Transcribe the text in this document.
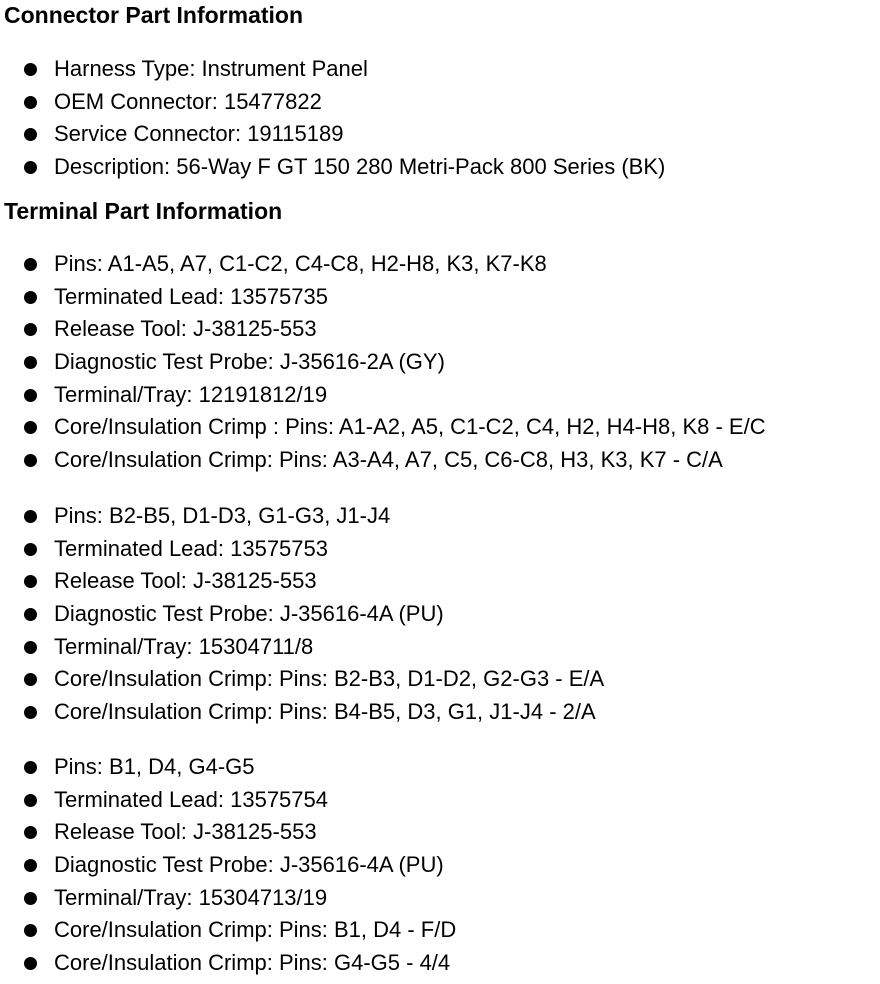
Connector Part Information
Harness Type: Instrument Panel
OEM Connector: 15477822
Service Connector: 19115189
Description: 56-Way F GT 150 280 Metri-Pack 800 Series (BK)
Terminal Part Information
Pins: A1-A5, A7, C1-C2, C4-C8, H2-H8, K3, K7-K8
Terminated Lead: 13575735
Release Tool: J-38125-553
Diagnostic Test Probe: J-35616-2A (GY)
Terminal/Tray: 12191812/19
Core/Insulation Crimp : Pins: A1-A2, A5, C1-C2, C4, H2, H4-H8, K8 - E/C
Core/Insulation Crimp: Pins: A3-A4, A7, C5, C6-C8, H3, K3, K7 - C/A
Pins: B2-B5, D1-D3, G1-G3, J1-J4
Terminated Lead: 13575753
Release Tool: J-38125-553
Diagnostic Test Probe: J-35616-4A (PU)
Terminal/Tray: 15304711/8
Core/Insulation Crimp: Pins: B2-B3, D1-D2, G2-G3 - E/A
Core/Insulation Crimp: Pins: B4-B5, D3, G1, J1-J4 - 2/A
Pins: B1, D4, G4-G5
Terminated Lead: 13575754
Release Tool: J-38125-553
Diagnostic Test Probe: J-35616-4A (PU)
Terminal/Tray: 15304713/19
Core/Insulation Crimp: Pins: B1, D4 - F/D
Core/Insulation Crimp: Pins: G4-G5 - 4/4
